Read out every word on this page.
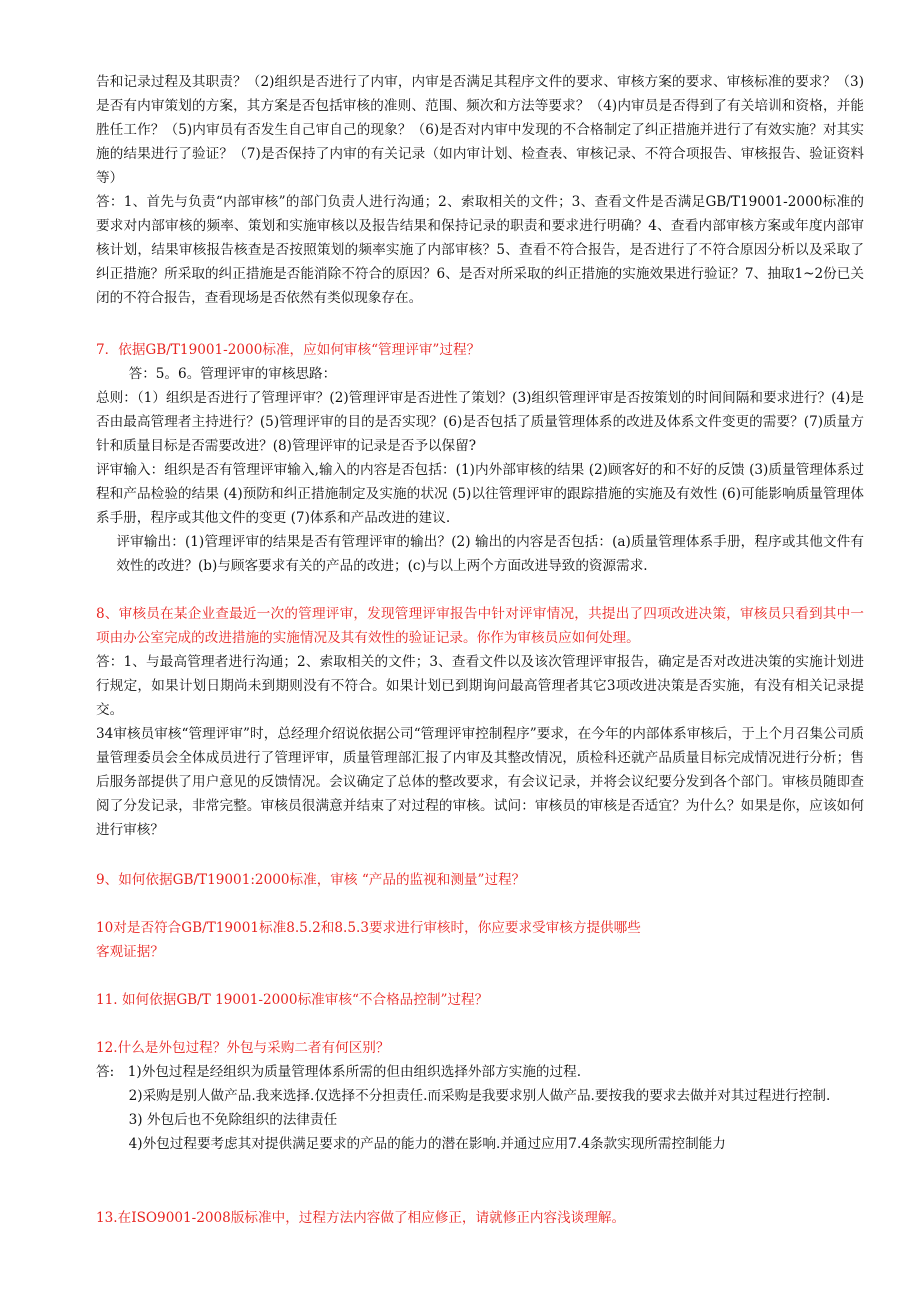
告和记录过程及其职责？（2)组织是否进行了内审，内审是否满足其程序文件的要求、审核方案的要求、审核标准的要求？（3)是否有内审策划的方案，其方案是否包括审核的准则、范围、频次和方法等要求？（4)内审员是否得到了有关培训和资格，并能胜任工作？（5)内审员有否发生自己审自己的现象？（6)是否对内审中发现的不合格制定了纠正措施并进行了有效实施？对其实施的结果进行了验证？（7)是否保持了内审的有关记录（如内审计划、检查表、审核记录、不符合项报告、审核报告、验证资料等）

答：1、首先与负责“内部审核”的部门负责人进行沟通；2、索取相关的文件；3、查看文件是否满足GB/T19001-2000标准的要求对内部审核的频率、策划和实施审核以及报告结果和保持记录的职责和要求进行明确？4、查看内部审核方案或年度内部审核计划，结果审核报告核查是否按照策划的频率实施了内部审核？5、查看不符合报告，是否进行了不符合原因分析以及采取了纠正措施？所采取的纠正措施是否能消除不符合的原因？6、是否对所采取的纠正措施的实施效果进行验证？7、抽取1~2份已关闭的不符合报告，查看现场是否依然有类似现象存在。

7．依据GB/T19001-2000标准，应如何审核“管理评审”过程？

答：5。6。管理评审的审核思路：

总则：（1）组织是否进行了管理评审？(2)管理评审是否进性了策划？(3)组织管理评审是否按策划的时间间隔和要求进行？(4)是否由最高管理者主持进行？(5)管理评审的目的是否实现？(6)是否包括了质量管理体系的改进及体系文件变更的需要？(7)质量方针和质量目标是否需要改进？(8)管理评审的记录是否予以保留?

评审输入：组织是否有管理评审输入,输入的内容是否包括：(1)内外部审核的结果 (2)顾客好的和不好的反馈 (3)质量管理体系过程和产品检验的结果 (4)预防和纠正措施制定及实施的状况 (5)以往管理评审的跟踪措施的实施及有效性 (6)可能影响质量管理体系手册，程序或其他文件的变更 (7)体系和产品改进的建议.

评审输出：(1)管理评审的结果是否有管理评审的输出？(2) 输出的内容是否包括：(a)质量管理体系手册，程序或其他文件有效性的改进？(b)与顾客要求有关的产品的改进；(c)与以上两个方面改进导致的资源需求.

8、审核员在某企业查最近一次的管理评审，发现管理评审报告中针对评审情况，共提出了四项改进决策，审核员只看到其中一项由办公室完成的改进措施的实施情况及其有效性的验证记录。你作为审核员应如何处理。

答：1、与最高管理者进行沟通；2、索取相关的文件；3、查看文件以及该次管理评审报告，确定是否对改进决策的实施计划进行规定，如果计划日期尚未到期则没有不符合。如果计划已到期询问最高管理者其它3项改进决策是否实施，有没有相关记录提交。

34审核员审核“管理评审”时，总经理介绍说依据公司“管理评审控制程序”要求，在今年的内部体系审核后，于上个月召集公司质量管理委员会全体成员进行了管理评审，质量管理部汇报了内审及其整改情况，质检科还就产品质量目标完成情况进行分析；售后服务部提供了用户意见的反馈情况。会议确定了总体的整改要求，有会议记录，并将会议纪要分发到各个部门。审核员随即查阅了分发记录，非常完整。审核员很满意并结束了对过程的审核。试问：审核员的审核是否适宜？为什么？如果是你，应该如何进行审核？

9、如何依据GB/T19001:2000标准，审核 “产品的监视和测量”过程？

10对是否符合GB/T19001标准8.5.2和8.5.3要求进行审核时，你应要求受审核方提供哪些

客观证据？

11. 如何依据GB/T 19001-2000标准审核“不合格品控制”过程？

12.什么是外包过程？外包与采购二者有何区别？

答:　1)外包过程是经组织为质量管理体系所需的但由组织选择外部方实施的过程.

2)采购是别人做产品.我来选择.仅选择不分担责任.而采购是我要求别人做产品.要按我的要求去做并对其过程进行控制.

3) 外包后也不免除组织的法律责任

4)外包过程要考虑其对提供满足要求的产品的能力的潜在影响.并通过应用7.4条款实现所需控制能力

13.在ISO9001-2008版标准中，过程方法内容做了相应修正，请就修正内容浅谈理解。
